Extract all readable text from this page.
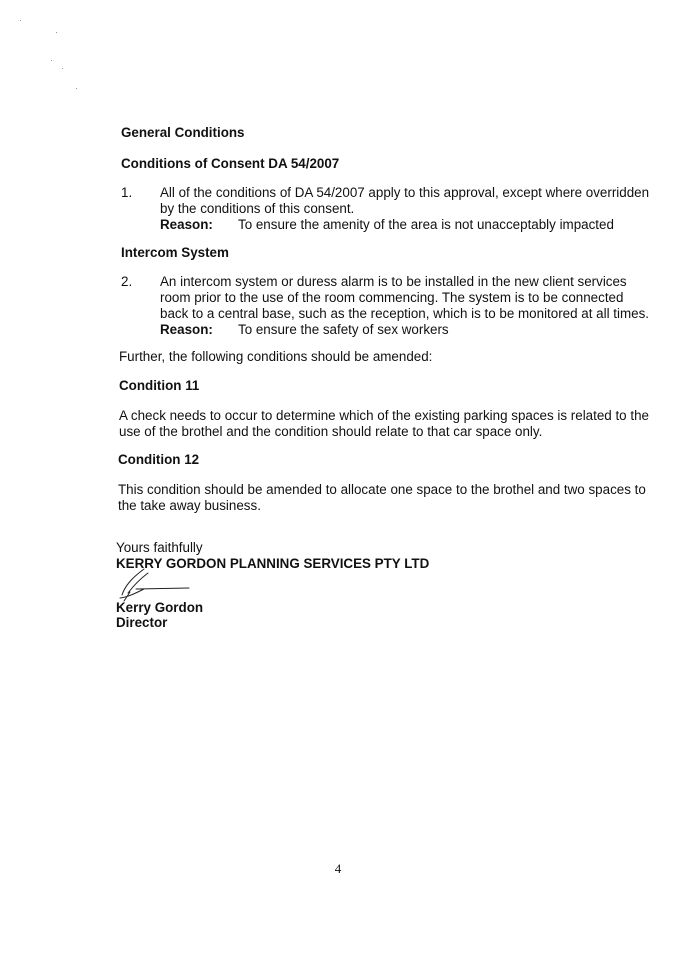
General Conditions
Conditions of Consent DA 54/2007
1. All of the conditions of DA 54/2007 apply to this approval, except where overridden
by the conditions of this consent.
Reason: To ensure the amenity of the area is not unacceptably impacted
Intercom System
2. An intercom system or duress alarm is to be installed in the new client services
room prior to the use of the room commencing. The system is to be connected
back to a central base, such as the reception, which is to be monitored at all times.
Reason: To ensure the safety of sex workers
Further, the following conditions should be amended:
Condition 11
A check needs to occur to determine which of the existing parking spaces is related to the
use of the brothel and the condition should relate to that car space only.
Condition 12
This condition should be amended to allocate one space to the brothel and two spaces to
the take away business.
Yours faithfully
KERRY GORDON PLANNING SERVICES PTY LTD
Kerry Gordon
Director
4
